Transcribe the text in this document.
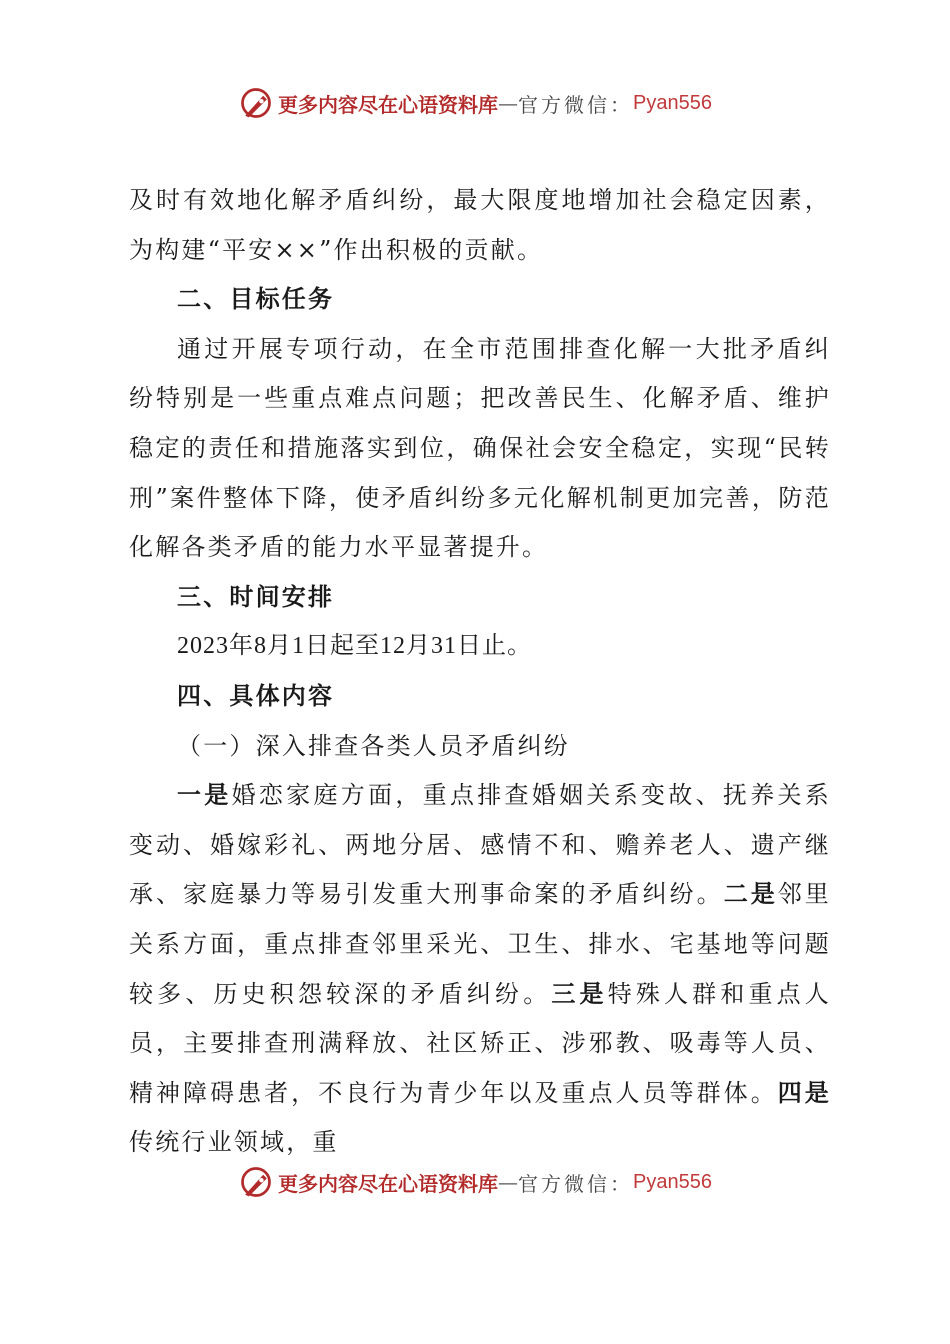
更多内容尽在心语资料库 — 官方微信： Pyan556

及时有效地化解矛盾纠纷，最大限度地增加社会稳定因素，为构建“平安××”作出积极的贡献。

二、目标任务

通过开展专项行动，在全市范围排查化解一大批矛盾纠纷特别是一些重点难点问题；把改善民生、化解矛盾、维护稳定的责任和措施落实到位，确保社会安全稳定，实现“民转刑”案件整体下降，使矛盾纠纷多元化解机制更加完善，防范化解各类矛盾的能力水平显著提升。

三、时间安排

2023年8月1日起至12月31日止。

四、具体内容

（一）深入排查各类人员矛盾纠纷

一是婚恋家庭方面，重点排查婚姻关系变故、抚养关系变动、婚嫁彩礼、两地分居、感情不和、赡养老人、遗产继承、家庭暴力等易引发重大刑事命案的矛盾纠纷。二是邻里关系方面，重点排查邻里采光、卫生、排水、宅基地等问题较多、历史积怨较深的矛盾纠纷。三是特殊人群和重点人员，主要排查刑满释放、社区矫正、涉邪教、吸毒等人员、精神障碍患者，不良行为青少年以及重点人员等群体。四是传统行业领域，重

更多内容尽在心语资料库 — 官方微信： Pyan556
